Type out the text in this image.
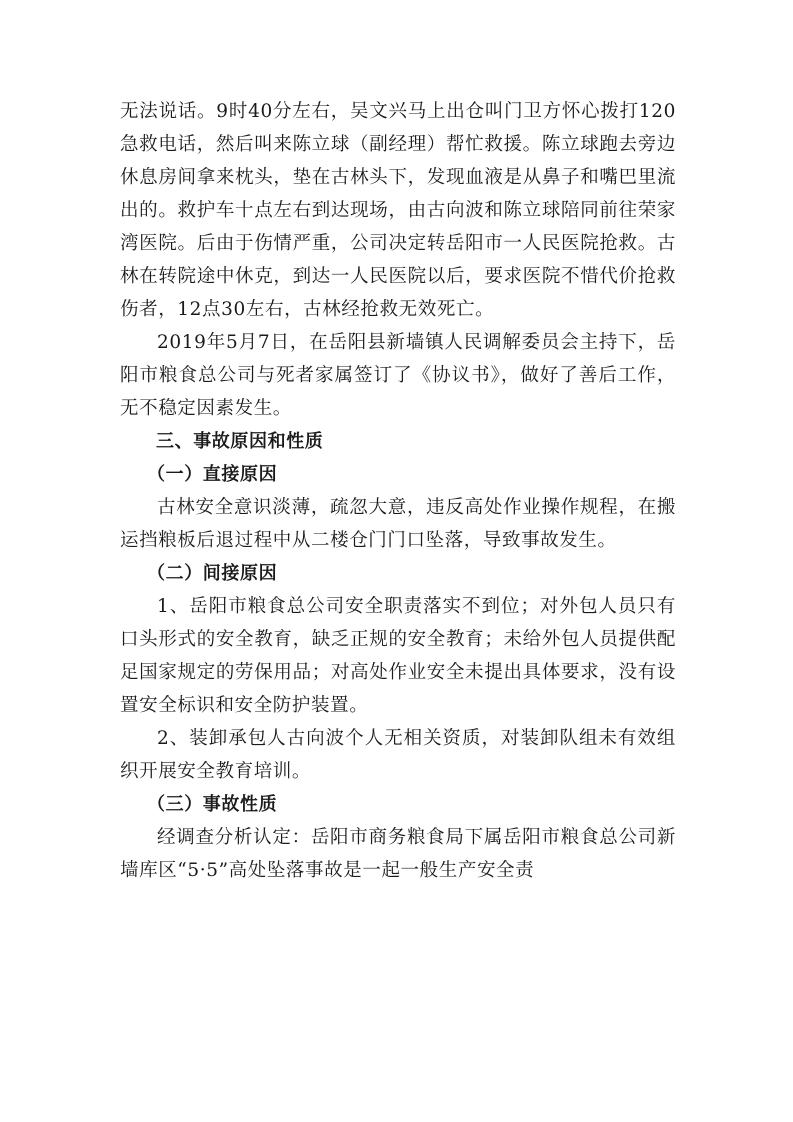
无法说话。9时40分左右，吴文兴马上出仓叫门卫方怀心拨打120急救电话，然后叫来陈立球（副经理）帮忙救援。陈立球跑去旁边休息房间拿来枕头，垫在古林头下，发现血液是从鼻子和嘴巴里流出的。救护车十点左右到达现场，由古向波和陈立球陪同前往荣家湾医院。后由于伤情严重，公司决定转岳阳市一人民医院抢救。古林在转院途中休克，到达一人民医院以后，要求医院不惜代价抢救伤者，12点30左右，古林经抢救无效死亡。

2019年5月7日，在岳阳县新墙镇人民调解委员会主持下，岳阳市粮食总公司与死者家属签订了《协议书》，做好了善后工作，无不稳定因素发生。

三、事故原因和性质

（一）直接原因

古林安全意识淡薄，疏忽大意，违反高处作业操作规程，在搬运挡粮板后退过程中从二楼仓门门口坠落，导致事故发生。

（二）间接原因

1、岳阳市粮食总公司安全职责落实不到位；对外包人员只有口头形式的安全教育，缺乏正规的安全教育；未给外包人员提供配足国家规定的劳保用品；对高处作业安全未提出具体要求，没有设置安全标识和安全防护装置。

2、装卸承包人古向波个人无相关资质，对装卸队组未有效组织开展安全教育培训。

（三）事故性质

经调查分析认定：岳阳市商务粮食局下属岳阳市粮食总公司新墙库区“5·5”高处坠落事故是一起一般生产安全责
